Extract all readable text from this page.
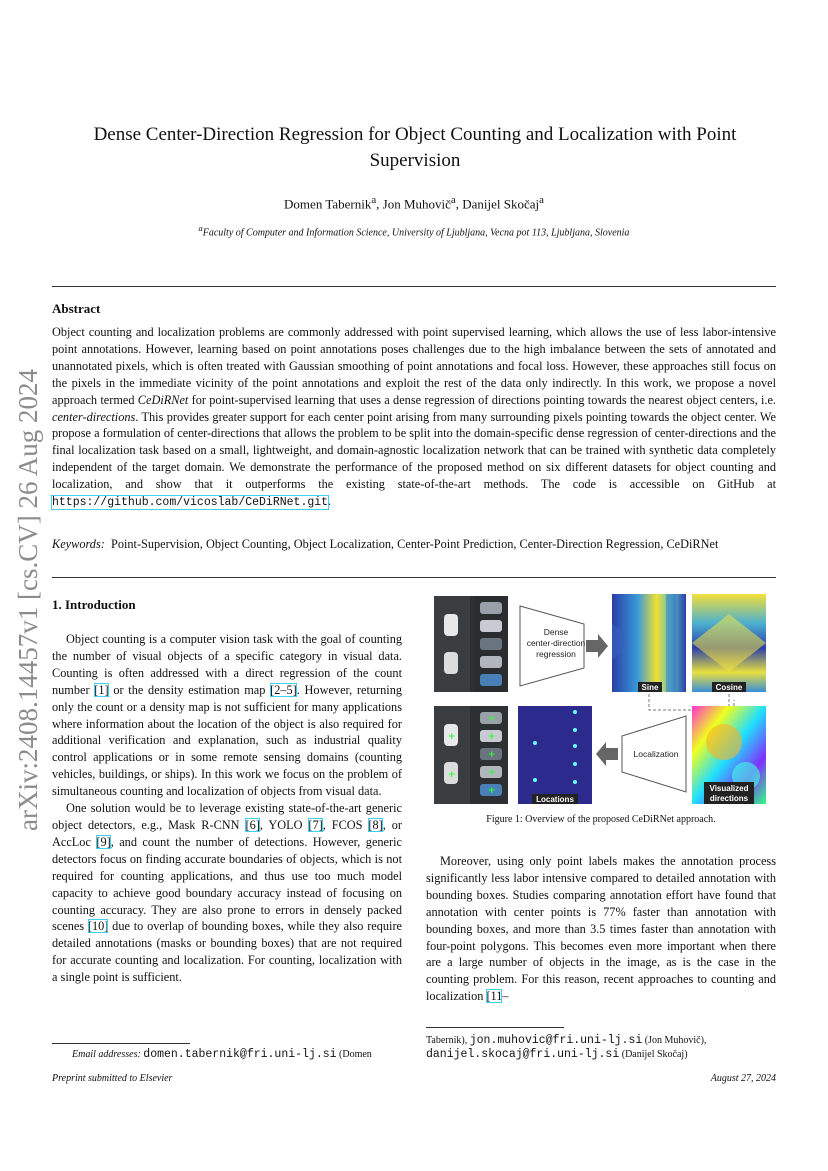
arXiv:2408.14457v1 [cs.CV] 26 Aug 2024
Dense Center-Direction Regression for Object Counting and Localization with Point Supervision
Domen Tabernik$^a$, Jon Muhovič$^a$, Danijel Skočaj$^a$
$^a$Faculty of Computer and Information Science, University of Ljubljana, Vecna pot 113, Ljubljana, Slovenia
Abstract

Object counting and localization problems are commonly addressed with point supervised learning, which allows the use of less labor-intensive point annotations. However, learning based on point annotations poses challenges due to the high imbalance between the sets of annotated and unannotated pixels, which is often treated with Gaussian smoothing of point annotations and focal loss. However, these approaches still focus on the pixels in the immediate vicinity of the point annotations and exploit the rest of the data only indirectly. In this work, we propose a novel approach termed CeDiRNet for point-supervised learning that uses a dense regression of directions pointing towards the nearest object centers, i.e. center-directions. This provides greater support for each center point arising from many surrounding pixels pointing towards the object center. We propose a formulation of center-directions that allows the problem to be split into the domain-specific dense regression of center-directions and the final localization task based on a small, lightweight, and domain-agnostic localization network that can be trained with synthetic data completely independent of the target domain. We demonstrate the performance of the proposed method on six different datasets for object counting and localization, and show that it outperforms the existing state-of-the-art methods. The code is accessible on GitHub at https://github.com/vicoslab/CeDiRNet.git.

Keywords: Point-Supervision, Object Counting, Object Localization, Center-Point Prediction, Center-Direction Regression, CeDiRNet
1. Introduction

Object counting is a computer vision task with the goal of counting the number of visual objects of a specific category in visual data. Counting is often addressed with a direct regression of the count number [1] or the density estimation map [2–5]. However, returning only the count or a density map is not sufficient for many applications where information about the location of the object is also required for additional verification and explanation, such as industrial quality control applications or in some remote sensing domains (counting vehicles, buildings, or ships). In this work we focus on the problem of simultaneous counting and localization of objects from visual data.

One solution would be to leverage existing state-of-the-art generic object detectors, e.g., Mask R-CNN [6], YOLO [7], FCOS [8], or AccLoc [9], and count the number of detections. However, generic detectors focus on finding accurate boundaries of objects, which is not required for counting applications, and thus use too much model capacity to achieve good boundary accuracy instead of focusing on counting accuracy. They are also prone to errors in densely packed scenes [10] due to overlap of bounding boxes, while they also require detailed annotations (masks or bounding boxes) that are not required for accurate counting and localization. For counting, localization with a single point is sufficient.

Dense
center-direction
regression
Sine	Cosine
Visualized
directions
Localization
Locations
+
+
+
+
+
+
+
Figure 1: Overview of the proposed CeDiRNet approach.

Moreover, using only point labels makes the annotation process significantly less labor intensive compared to detailed annotation with bounding boxes. Studies comparing annotation effort have found that annotation with center points is 77% faster than annotation with bounding boxes, and more than 3.5 times faster than annotation with four-point polygons. This becomes even more important when there are a large number of objects in the image, as is the case in the counting problem. For this reason, recent approaches to counting and localization [11–

Email addresses: domen.tabernik@fri.uni-lj.si (Domen
Tabernik), jon.muhovic@fri.uni-lj.si (Jon Muhovič),
danijel.skocaj@fri.uni-lj.si (Danijel Skočaj)
Preprint submitted to Elsevier	August 27, 2024
